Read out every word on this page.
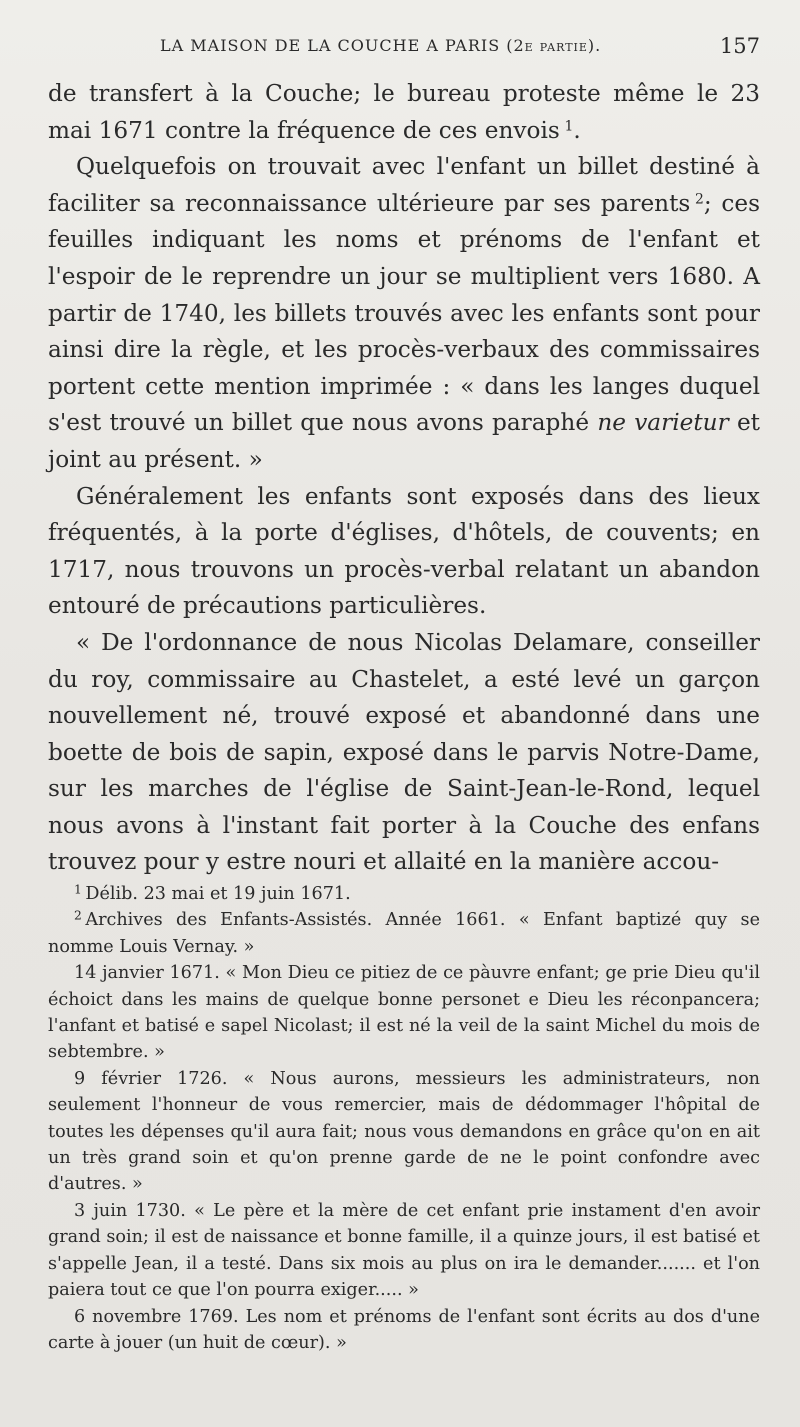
LA MAISON DE LA COUCHE A PARIS (2e partie).	157

de transfert à la Couche; le bureau proteste même le 23 mai 1671 contre la fréquence de ces envois  $^1$.

Quelquefois on trouvait avec l'enfant un billet destiné à faciliter sa reconnaissance ultérieure par ses parents  $^2$; ces feuilles indiquant les noms et prénoms de l'enfant et l'espoir de le reprendre un jour se multiplient vers 1680. A partir de 1740, les billets trouvés avec les enfants sont pour ainsi dire la règle, et les procès-verbaux des commissaires portent cette mention imprimée : « dans les langes duquel s'est trouvé un billet que nous avons paraphé ne varietur et joint au présent. »

Généralement les enfants sont exposés dans des lieux fréquentés, à la porte d'églises, d'hôtels, de couvents; en 1717, nous trouvons un procès-verbal relatant un abandon entouré de précautions particulières.

« De l'ordonnance de nous Nicolas Delamare, conseiller du roy, commissaire au Chastelet, a esté levé un garçon nouvellement né, trouvé exposé et abandonné dans une boette de bois de sapin, exposé dans le parvis Notre-Dame, sur les marches de l'église de Saint-Jean-le-Rond, lequel nous avons à l'instant fait porter à la Couche des enfans trouvez pour y estre nouri et allaité en la manière accou-

$^1$  Délib. 23 mai et 19 juin 1671.

$^2$  Archives des Enfants-Assistés. Année 1661. « Enfant baptizé quy se nomme Louis Vernay. »

14 janvier 1671. « Mon Dieu ce pitiez de ce pàuvre enfant; ge prie Dieu qu'il échoict dans les mains de quelque bonne personet e Dieu les réconpancera; l'anfant et batisé e sapel Nicolast; il est né la veil de la saint Michel du mois de sebtembre. »

9 février 1726. « Nous aurons, messieurs les administrateurs, non seulement l'honneur de vous remercier, mais de dédommager l'hôpital de toutes les dépenses qu'il aura fait; nous vous demandons en grâce qu'on en ait un très grand soin et qu'on prenne garde de ne le point confondre avec d'autres. »

3 juin 1730. « Le père et la mère de cet enfant prie instament d'en avoir grand soin; il est de naissance et bonne famille, il a quinze jours, il est batisé et s'appelle Jean, il a testé. Dans six mois au plus on ira le demander....... et l'on paiera tout ce que l'on pourra exiger..... »

6 novembre 1769. Les nom et prénoms de l'enfant sont écrits au dos d'une carte à jouer (un huit de cœur). »
